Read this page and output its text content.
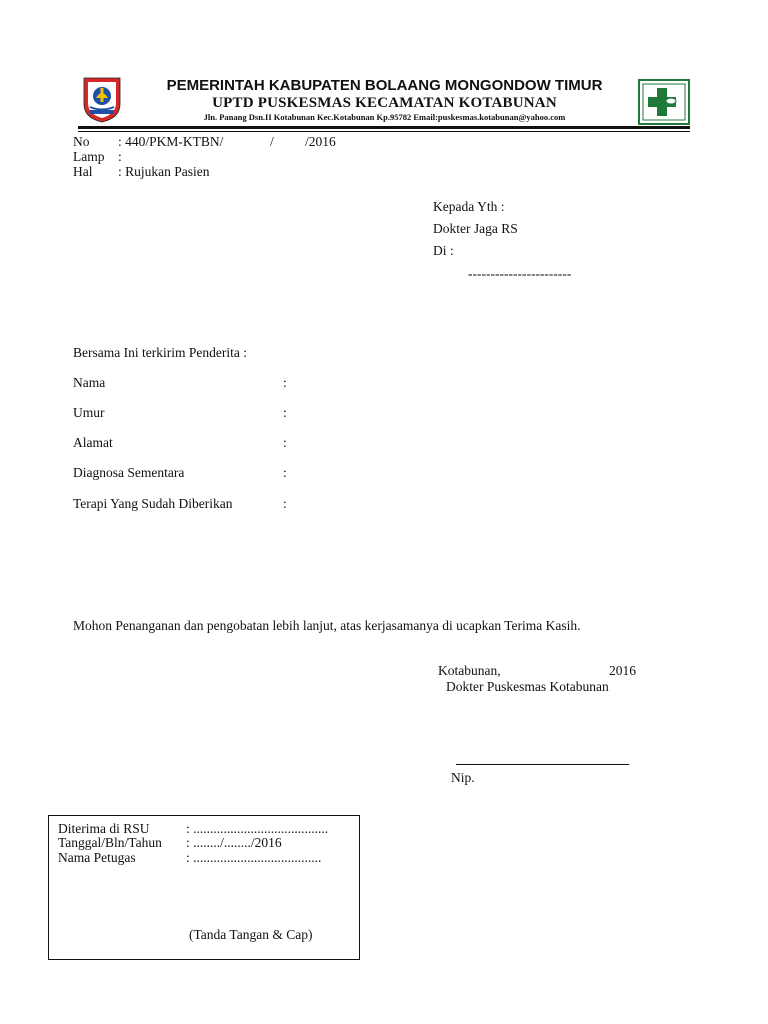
PEMERINTAH KABUPATEN BOLAANG MONGONDOW TIMUR
UPTD PUSKESMAS KECAMATAN KOTABUNAN
Jln. Panang Dsn.II Kotabunan Kec.Kotabunan Kp.95782 Email:puskesmas.kotabunan@yahoo.com
No : 440/PKM-KTBN/	/ /2016
Lamp :
Hal : Rujukan Pasien
Kepada Yth :
Dokter Jaga RS
Di :
-----------------------
Bersama Ini terkirim Penderita :
Nama	:
Umur	:
Alamat	:
Diagnosa Sementara	:
Terapi Yang Sudah Diberikan	:
Mohon Penanganan dan pengobatan lebih lanjut, atas kerjasamanya di ucapkan Terima Kasih.
Kotabunan,	2016
Dokter Puskesmas Kotabunan
Nip.
Diterima di RSU	: ........................................
Tanggal/Bln/Tahun : ......../......../2016
Nama Petugas	: ......................................
(Tanda Tangan & Cap)
